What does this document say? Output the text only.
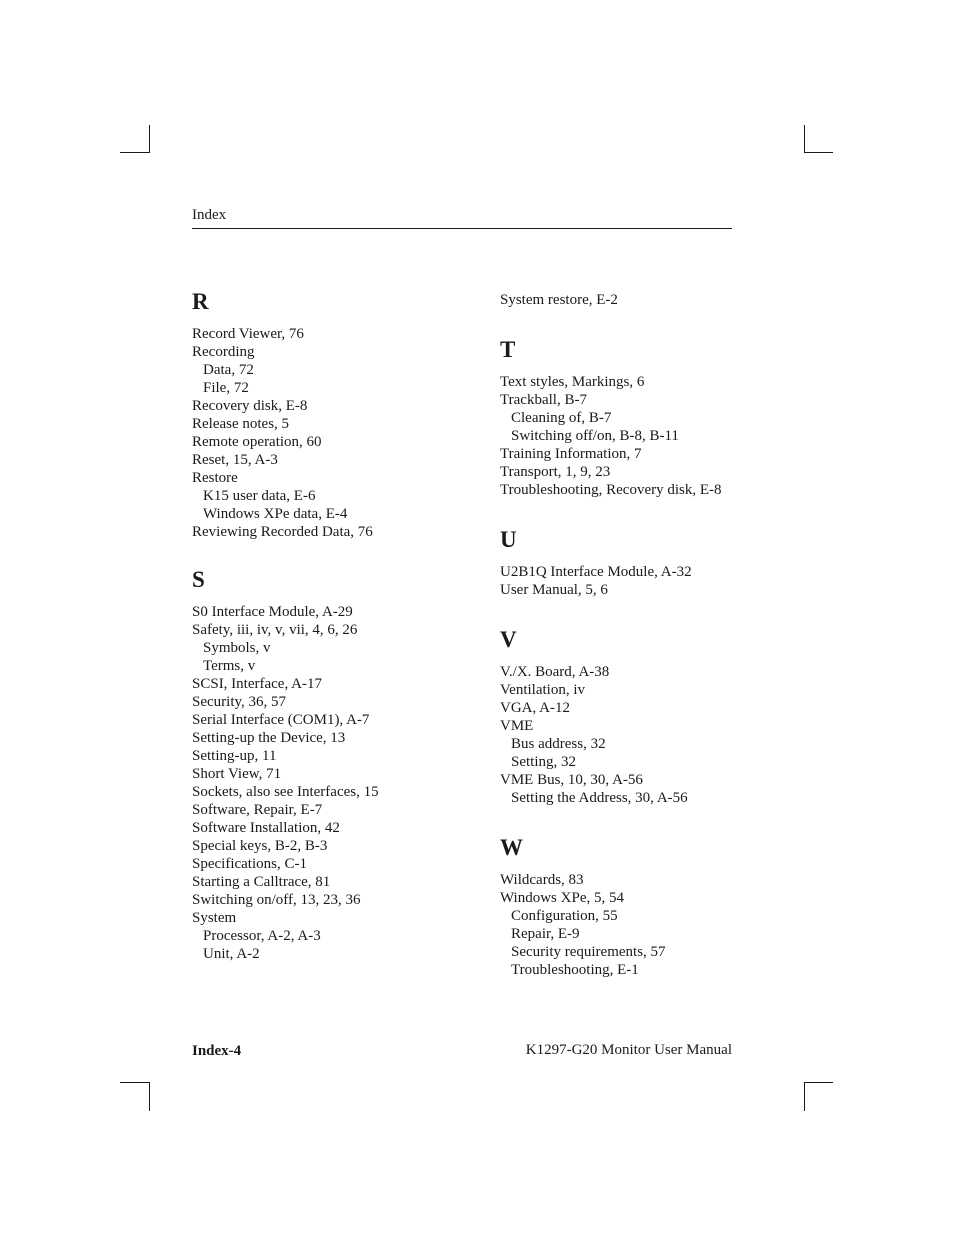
Index
R
Record Viewer, 76
Recording
Data, 72
File, 72
Recovery disk, E-8
Release notes, 5
Remote operation, 60
Reset, 15, A-3
Restore
K15 user data, E-6
Windows XPe data, E-4
Reviewing Recorded Data, 76
S
S0 Interface Module, A-29
Safety, iii, iv, v, vii, 4, 6, 26
Symbols, v
Terms, v
SCSI, Interface, A-17
Security, 36, 57
Serial Interface (COM1), A-7
Setting-up the Device, 13
Setting-up, 11
Short View, 71
Sockets, also see Interfaces, 15
Software, Repair, E-7
Software Installation, 42
Special keys, B-2, B-3
Specifications, C-1
Starting a Calltrace, 81
Switching on/off, 13, 23, 36
System
Processor, A-2, A-3
Unit, A-2
System restore, E-2
T
Text styles, Markings, 6
Trackball, B-7
Cleaning of, B-7
Switching off/on, B-8, B-11
Training Information, 7
Transport, 1, 9, 23
Troubleshooting, Recovery disk, E-8
U
U2B1Q Interface Module, A-32
User Manual, 5, 6
V
V./X. Board, A-38
Ventilation, iv
VGA, A-12
VME
Bus address, 32
Setting, 32
VME Bus, 10, 30, A-56
Setting the Address, 30, A-56
W
Wildcards, 83
Windows XPe, 5, 54
Configuration, 55
Repair, E-9
Security requirements, 57
Troubleshooting, E-1
Index-4	K1297-G20 Monitor User Manual
